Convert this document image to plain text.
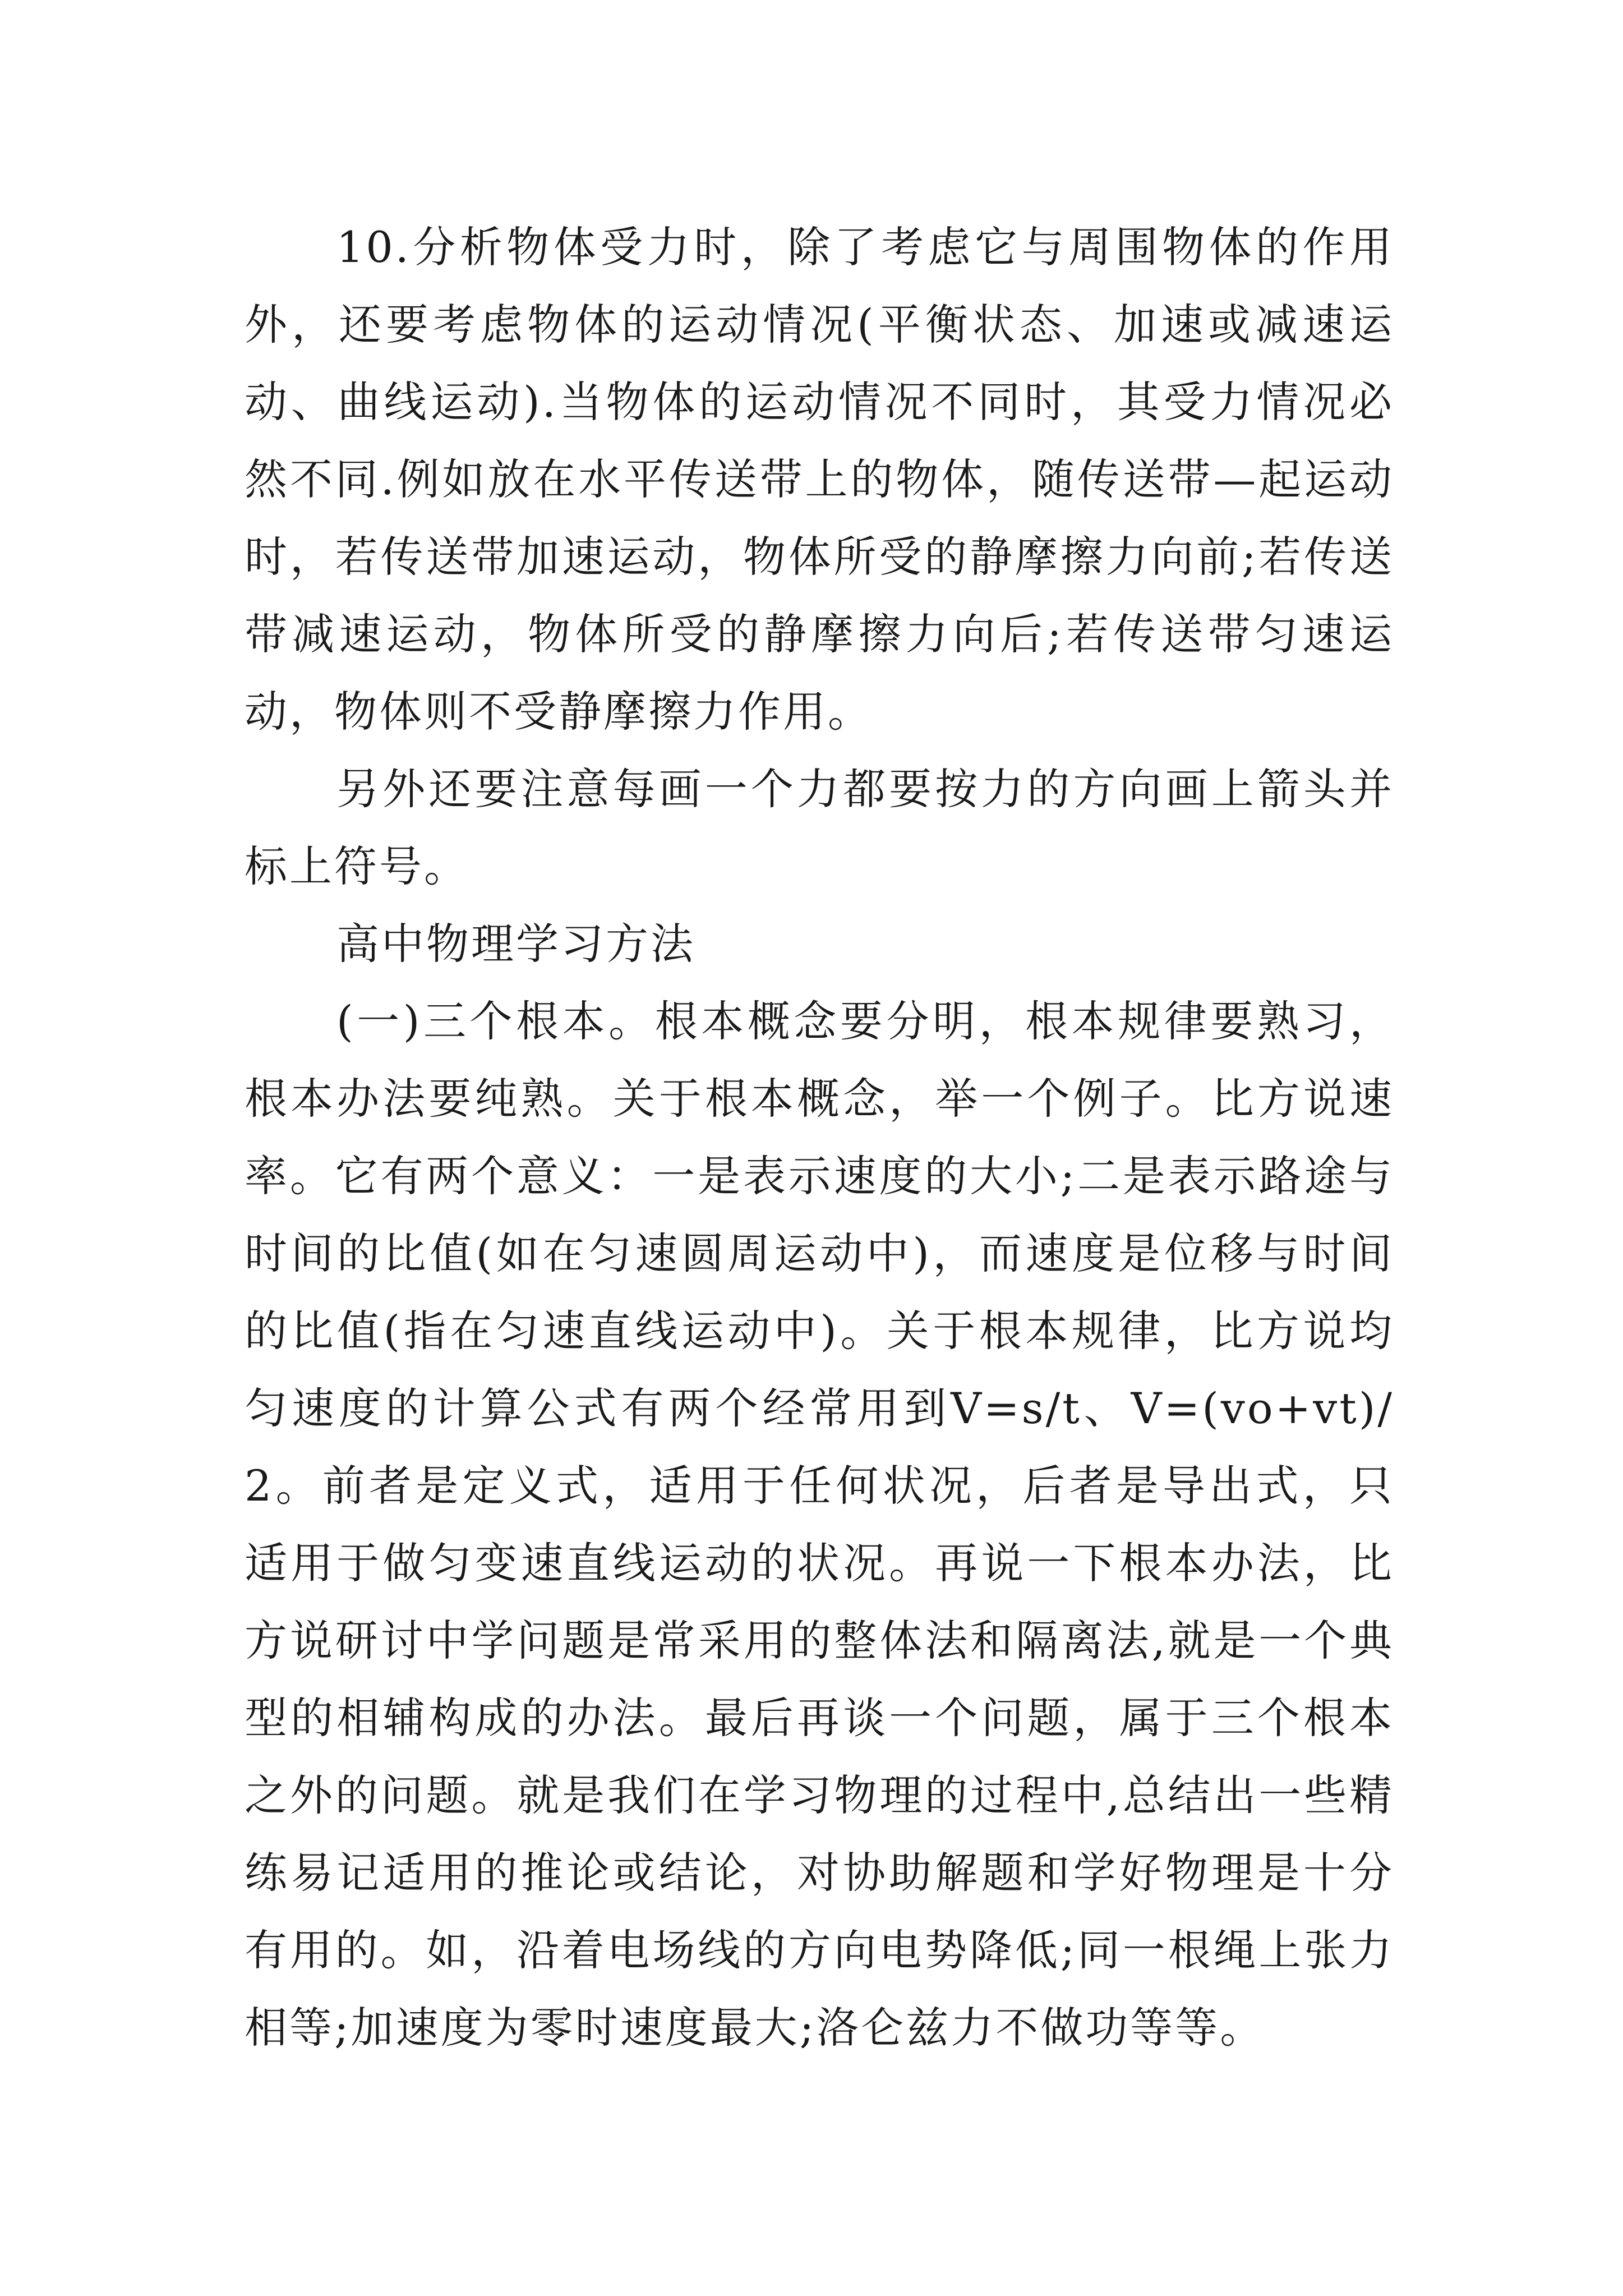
10.分析物体受力时，除了考虑它与周围物体的作用外，还要考虑物体的运动情况(平衡状态、加速或减速运动、曲线运动).当物体的运动情况不同时，其受力情况必然不同.例如放在水平传送带上的物体，随传送带—起运动时，若传送带加速运动，物体所受的静摩擦力向前;若传送带减速运动，物体所受的静摩擦力向后;若传送带匀速运动，物体则不受静摩擦力作用。

另外还要注意每画一个力都要按力的方向画上箭头并标上符号。

高中物理学习方法

(一)三个根本。根本概念要分明，根本规律要熟习，根本办法要纯熟。关于根本概念，举一个例子。比方说速率。它有两个意义：一是表示速度的大小;二是表示路途与时间的比值(如在匀速圆周运动中)，而速度是位移与时间的比值(指在匀速直线运动中)。关于根本规律，比方说均匀速度的计算公式有两个经常用到V=s/t、V=(vo+vt)/2。前者是定义式，适用于任何状况，后者是导出式，只适用于做匀变速直线运动的状况。再说一下根本办法，比方说研讨中学问题是常采用的整体法和隔离法,就是一个典型的相辅构成的办法。最后再谈一个问题，属于三个根本之外的问题。就是我们在学习物理的过程中,总结出一些精练易记适用的推论或结论，对协助解题和学好物理是十分有用的。如，沿着电场线的方向电势降低;同一根绳上张力相等;加速度为零时速度最大;洛仑兹力不做功等等。
